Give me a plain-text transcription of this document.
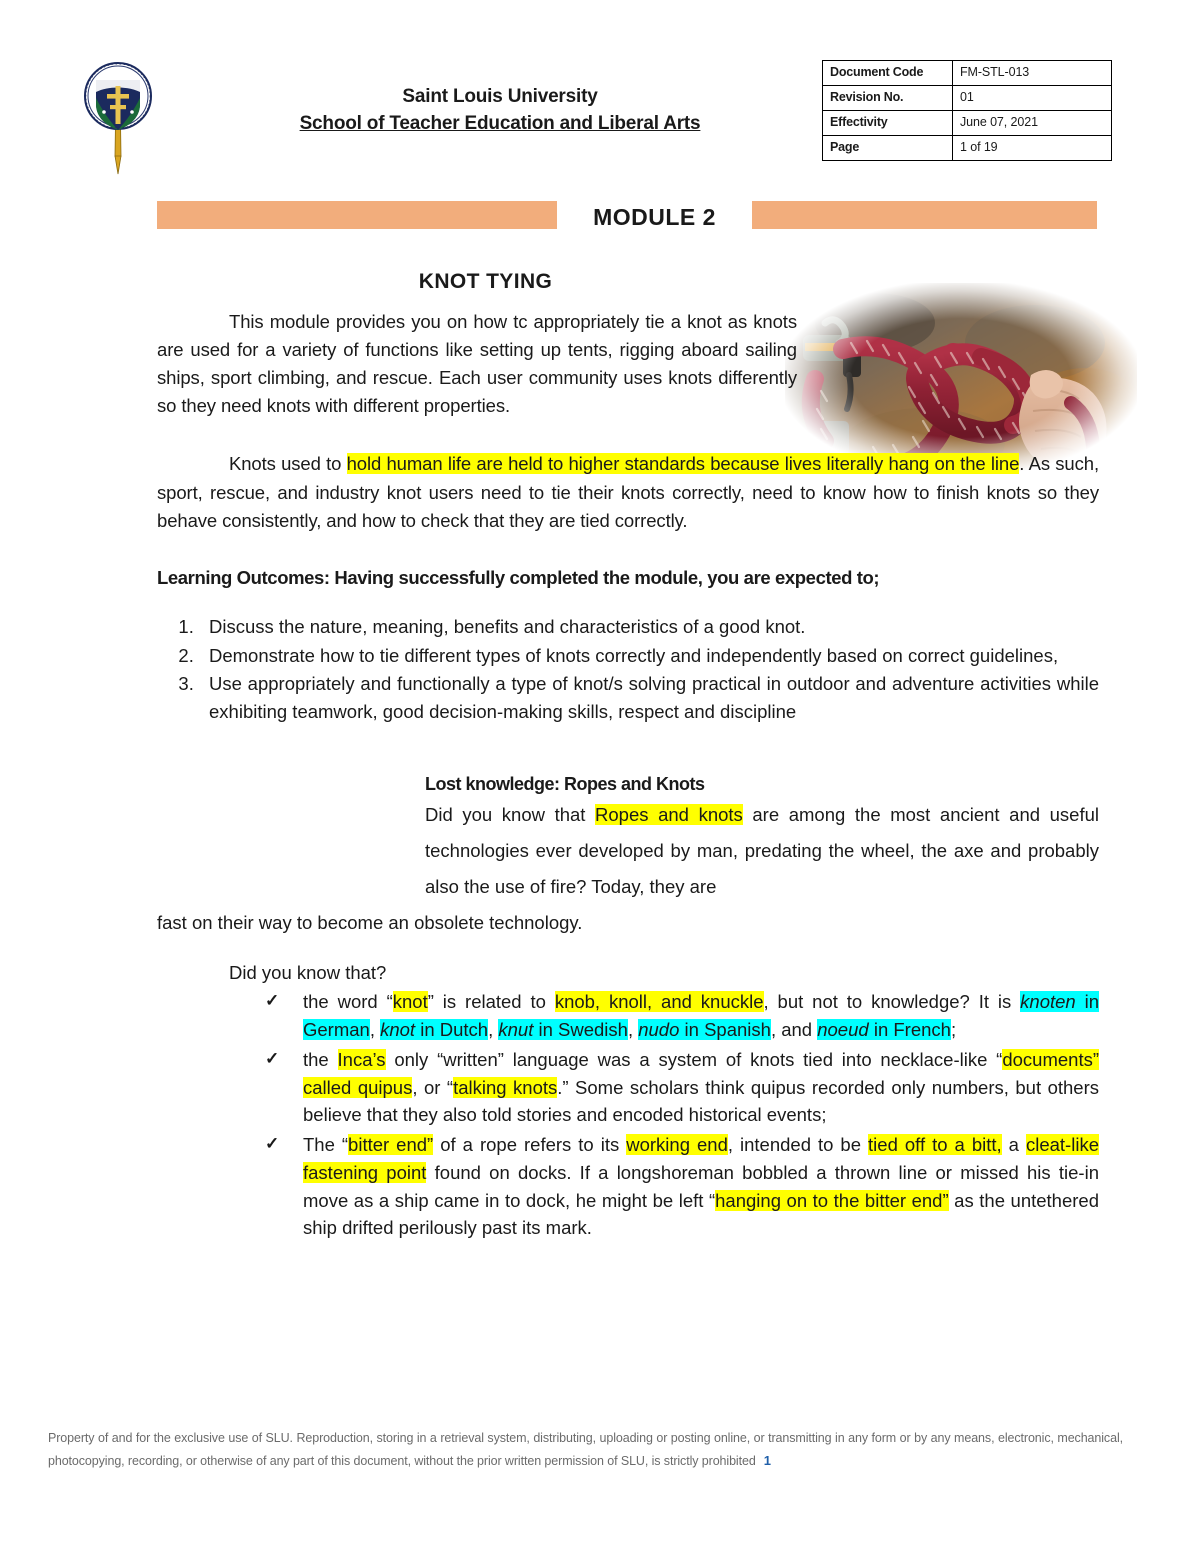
Saint Louis University
School of Teacher Education and Liberal Arts
Document Code	FM-STL-013
Revision No.	01
Effectivity	June 07, 2021
Page	1 of 19
MODULE 2
KNOT TYING

This module provides you on how tc appropriately tie a knot as knots are used for a variety of functions like setting up tents, rigging aboard sailing ships, sport climbing, and rescue. Each user community uses knots differently so they need knots with different properties.

Knots used to hold human life are held to higher standards because lives literally hang on the line. As such, sport, rescue, and industry knot users need to tie their knots correctly, need to know how to finish knots so they behave consistently, and how to check that they are tied correctly.

Learning Outcomes: Having successfully completed the module, you are expected to;
1. Discuss the nature, meaning, benefits and characteristics of a good knot.
2. Demonstrate how to tie different types of knots correctly and independently based on correct guidelines,
3. Use appropriately and functionally a type of knot/s solving practical in outdoor and adventure activities while exhibiting teamwork, good decision-making skills, respect and discipline

Lost knowledge: Ropes and Knots

Did you know that Ropes and knots are among the most ancient and useful technologies ever developed by man, predating the wheel, the axe and probably also the use of fire? Today, they are

fast on their way to become an obsolete technology.

Did you know that?

✓ the word “knot” is related to knob, knoll, and knuckle, but not to knowledge? It is knoten in German, knot in Dutch, knut in Swedish, nudo in Spanish, and noeud in French;
✓ the Inca’s only “written” language was a system of knots tied into necklace-like “documents” called quipus, or “talking knots.” Some scholars think quipus recorded only numbers, but others believe that they also told stories and encoded historical events;
✓ The “bitter end” of a rope refers to its working end, intended to be tied off to a bitt, a cleat-like fastening point found on docks. If a longshoreman bobbled a thrown line or missed his tie-in move as a ship came in to dock, he might be left “hanging on to the bitter end” as the untethered ship drifted perilously past its mark.
Property of and for the exclusive use of SLU. Reproduction, storing in a retrieval system, distributing, uploading or posting online, or transmitting in any form or by any means, electronic, mechanical, photocopying, recording, or otherwise of any part of this document, without the prior written permission of SLU, is strictly prohibited 1
